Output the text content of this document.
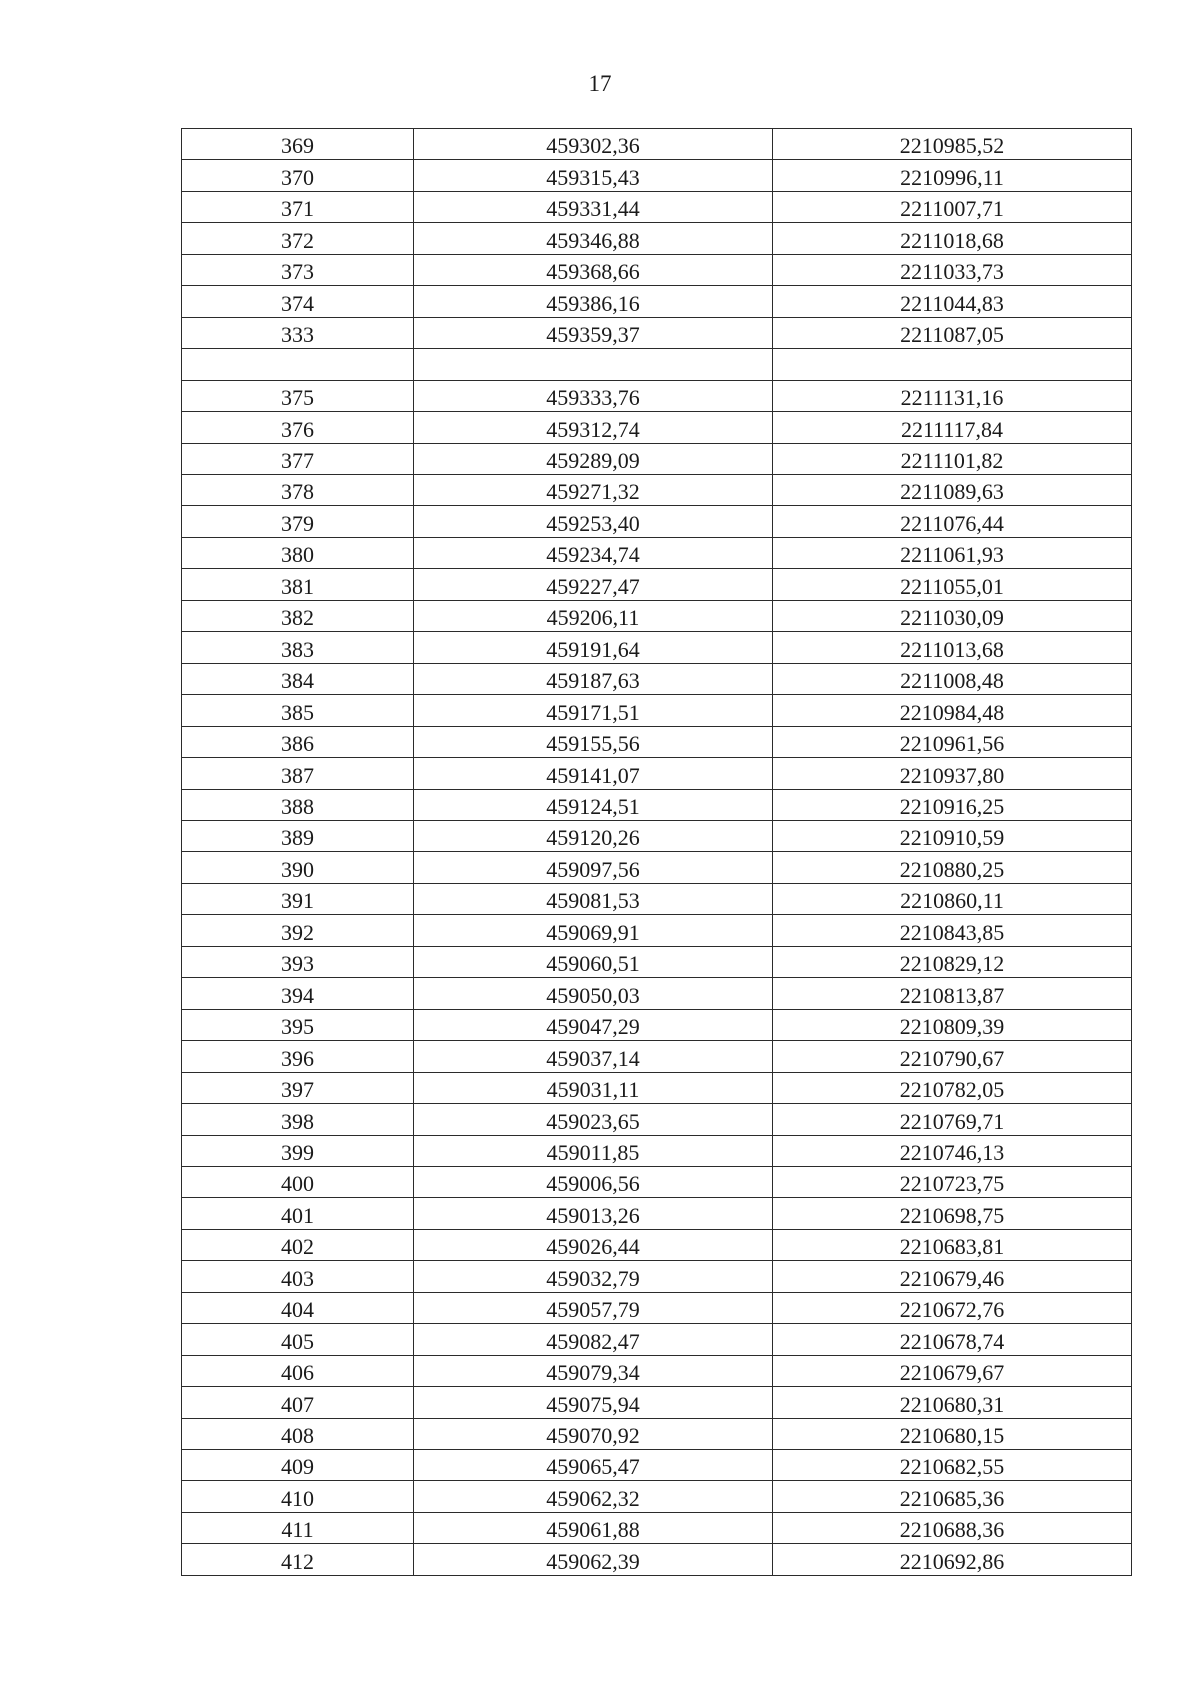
17
369	459302,36	2210985,52
370	459315,43	2210996,11
371	459331,44	2211007,71
372	459346,88	2211018,68
373	459368,66	2211033,73
374	459386,16	2211044,83
333	459359,37	2211087,05

375	459333,76	2211131,16
376	459312,74	2211117,84
377	459289,09	2211101,82
378	459271,32	2211089,63
379	459253,40	2211076,44
380	459234,74	2211061,93
381	459227,47	2211055,01
382	459206,11	2211030,09
383	459191,64	2211013,68
384	459187,63	2211008,48
385	459171,51	2210984,48
386	459155,56	2210961,56
387	459141,07	2210937,80
388	459124,51	2210916,25
389	459120,26	2210910,59
390	459097,56	2210880,25
391	459081,53	2210860,11
392	459069,91	2210843,85
393	459060,51	2210829,12
394	459050,03	2210813,87
395	459047,29	2210809,39
396	459037,14	2210790,67
397	459031,11	2210782,05
398	459023,65	2210769,71
399	459011,85	2210746,13
400	459006,56	2210723,75
401	459013,26	2210698,75
402	459026,44	2210683,81
403	459032,79	2210679,46
404	459057,79	2210672,76
405	459082,47	2210678,74
406	459079,34	2210679,67
407	459075,94	2210680,31
408	459070,92	2210680,15
409	459065,47	2210682,55
410	459062,32	2210685,36
411	459061,88	2210688,36
412	459062,39	2210692,86
